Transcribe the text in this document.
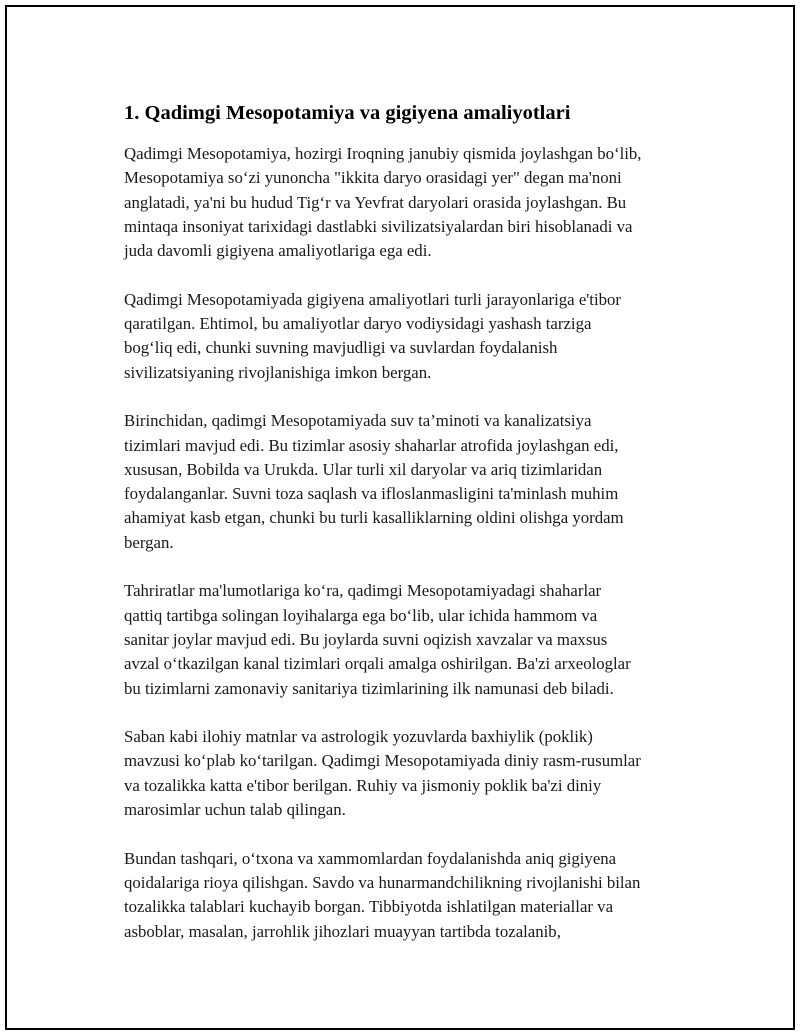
1. Qadimgi Mesopotamiya va gigiyena amaliyotlari

Qadimgi Mesopotamiya, hozirgi Iroqning janubiy qismida joylashgan bo‘lib,
Mesopotamiya so‘zi yunoncha "ikkita daryo orasidagi yer" degan ma'noni
anglatadi, ya'ni bu hudud Tig‘r va Yevfrat daryolari orasida joylashgan. Bu
mintaqa insoniyat tarixidagi dastlabki sivilizatsiyalardan biri hisoblanadi va
juda davomli gigiyena amaliyotlariga ega edi.

Qadimgi Mesopotamiyada gigiyena amaliyotlari turli jarayonlariga e'tibor
qaratilgan. Ehtimol, bu amaliyotlar daryo vodiysidagi yashash tarziga
bog‘liq edi, chunki suvning mavjudligi va suvlardan foydalanish
sivilizatsiyaning rivojlanishiga imkon bergan.

Birinchidan, qadimgi Mesopotamiyada suv ta’minoti va kanalizatsiya
tizimlari mavjud edi. Bu tizimlar asosiy shaharlar atrofida joylashgan edi,
xususan, Bobilda va Urukda. Ular turli xil daryolar va ariq tizimlaridan
foydalanganlar. Suvni toza saqlash va ifloslanmasligini ta'minlash muhim
ahamiyat kasb etgan, chunki bu turli kasalliklarning oldini olishga yordam
bergan.

Tahriratlar ma'lumotlariga ko‘ra, qadimgi Mesopotamiyadagi shaharlar
qattiq tartibga solingan loyihalarga ega bo‘lib, ular ichida hammom va
sanitar joylar mavjud edi. Bu joylarda suvni oqizish xavzalar va maxsus
avzal o‘tkazilgan kanal tizimlari orqali amalga oshirilgan. Ba'zi arxeologlar
bu tizimlarni zamonaviy sanitariya tizimlarining ilk namunasi deb biladi.

Saban kabi ilohiy matnlar va astrologik yozuvlarda baxhiylik (poklik)
mavzusi ko‘plab ko‘tarilgan. Qadimgi Mesopotamiyada diniy rasm-rusumlar
va tozalikka katta e'tibor berilgan. Ruhiy va jismoniy poklik ba'zi diniy
marosimlar uchun talab qilingan.

Bundan tashqari, o‘txona va xammomlardan foydalanishda aniq gigiyena
qoidalariga rioya qilishgan. Savdo va hunarmandchilikning rivojlanishi bilan
tozalikka talablari kuchayib borgan. Tibbiyotda ishlatilgan materiallar va
asboblar, masalan, jarrohlik jihozlari muayyan tartibda tozalanib,
